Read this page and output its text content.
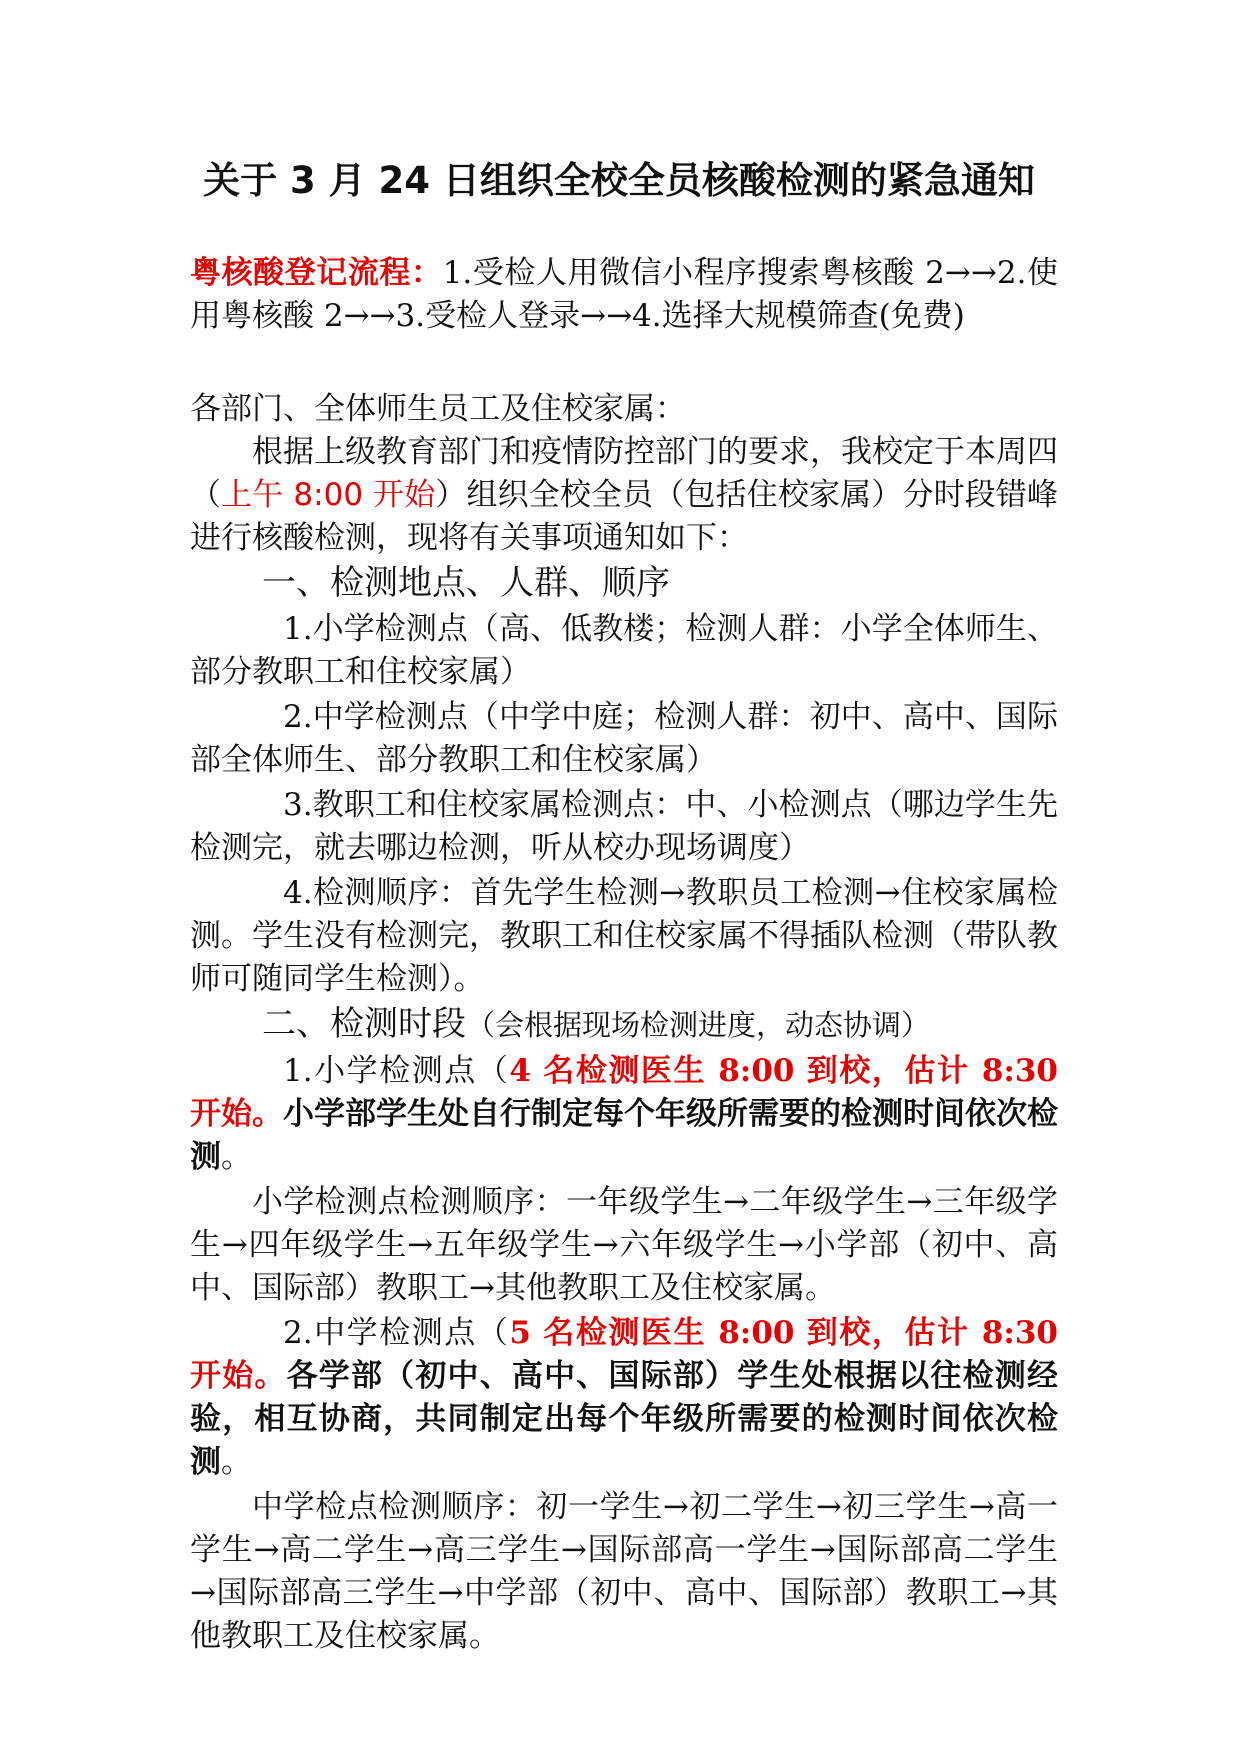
关于 3 月 24 日组织全校全员核酸检测的紧急通知
粤核酸登记流程：1.受检人用微信小程序搜索粤核酸 2→→2.使用粤核酸 2→→3.受检人登录→→4.选择大规模筛查(免费)
各部门、全体师生员工及住校家属：
根据上级教育部门和疫情防控部门的要求，我校定于本周四（上午 8:00 开始）组织全校全员（包括住校家属）分时段错峰进行核酸检测，现将有关事项通知如下：
一、检测地点、人群、顺序
1.小学检测点（高、低教楼；检测人群：小学全体师生、部分教职工和住校家属）
2.中学检测点（中学中庭；检测人群：初中、高中、国际部全体师生、部分教职工和住校家属）
3.教职工和住校家属检测点：中、小检测点（哪边学生先检测完，就去哪边检测，听从校办现场调度）
4.检测顺序：首先学生检测→教职员工检测→住校家属检测。学生没有检测完，教职工和住校家属不得插队检测（带队教师可随同学生检测）。
二、检测时段（会根据现场检测进度，动态协调）
1.小学检测点（4 名检测医生 8:00 到校，估计 8:30 开始。小学部学生处自行制定每个年级所需要的检测时间依次检测。
小学检测点检测顺序：一年级学生→二年级学生→三年级学生→四年级学生→五年级学生→六年级学生→小学部（初中、高中、国际部）教职工→其他教职工及住校家属。
2.中学检测点（5 名检测医生 8:00 到校，估计 8:30 开始。各学部（初中、高中、国际部）学生处根据以往检测经验，相互协商，共同制定出每个年级所需要的检测时间依次检测。
中学检点检测顺序：初一学生→初二学生→初三学生→高一学生→高二学生→高三学生→国际部高一学生→国际部高二学生→国际部高三学生→中学部（初中、高中、国际部）教职工→其他教职工及住校家属。
